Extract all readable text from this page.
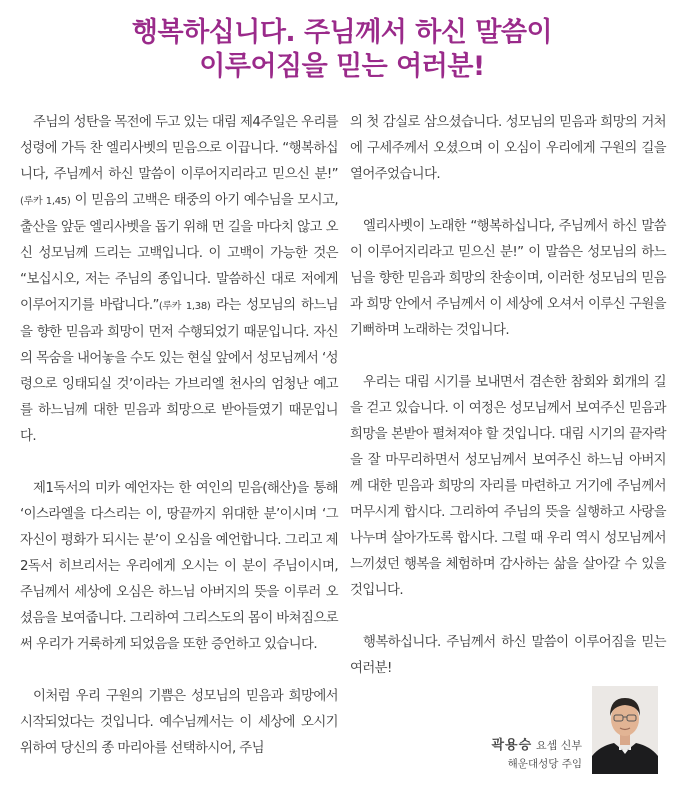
행복하십니다. 주님께서 하신 말씀이
이루어짐을 믿는 여러분!

주님의 성탄을 목전에 두고 있는 대림 제4주일은 우리를 성령에 가득 찬 엘리사벳의 믿음으로 이끕니다. “행복하십니다, 주님께서 하신 말씀이 이루어지리라고 믿으신 분!” (루카 1,45) 이 믿음의 고백은 태중의 아기 예수님을 모시고, 출산을 앞둔 엘리사벳을 돕기 위해 먼 길을 마다치 않고 오신 성모님께 드리는 고백입니다. 이 고백이 가능한 것은 “보십시오, 저는 주님의 종입니다. 말씀하신 대로 저에게 이루어지기를 바랍니다.”(루카 1,38) 라는 성모님의 하느님을 향한 믿음과 희망이 먼저 수행되었기 때문입니다. 자신의 목숨을 내어놓을 수도 있는 현실 앞에서 성모님께서 ‘성령으로 잉태되실 것’이라는 가브리엘 천사의 엄청난 예고를 하느님께 대한 믿음과 희망으로 받아들였기 때문입니다.

제1독서의 미카 예언자는 한 여인의 믿음(해산)을 통해 ‘이스라엘을 다스리는 이, 땅끝까지 위대한 분’이시며 ‘그 자신이 평화가 되시는 분’이 오심을 예언합니다. 그리고 제2독서 히브리서는 우리에게 오시는 이 분이 주님이시며, 주님께서 세상에 오심은 하느님 아버지의 뜻을 이루러 오셨음을 보여줍니다. 그리하여 그리스도의 몸이 바쳐짐으로써 우리가 거룩하게 되었음을 또한 증언하고 있습니다.

이처럼 우리 구원의 기쁨은 성모님의 믿음과 희망에서 시작되었다는 것입니다. 예수님께서는 이 세상에 오시기 위하여 당신의 종 마리아를 선택하시어, 주님

의 첫 감실로 삼으셨습니다. 성모님의 믿음과 희망의 거처에 구세주께서 오셨으며 이 오심이 우리에게 구원의 길을 열어주었습니다.

엘리사벳이 노래한 “행복하십니다, 주님께서 하신 말씀이 이루어지리라고 믿으신 분!” 이 말씀은 성모님의 하느님을 향한 믿음과 희망의 찬송이며, 이러한 성모님의 믿음과 희망 안에서 주님께서 이 세상에 오셔서 이루신 구원을 기뻐하며 노래하는 것입니다.

우리는 대림 시기를 보내면서 겸손한 참회와 회개의 길을 걷고 있습니다. 이 여정은 성모님께서 보여주신 믿음과 희망을 본받아 펼쳐져야 할 것입니다. 대림 시기의 끝자락을 잘 마무리하면서 성모님께서 보여주신 하느님 아버지께 대한 믿음과 희망의 자리를 마련하고 거기에 주님께서 머무시게 합시다. 그리하여 주님의 뜻을 실행하고 사랑을 나누며 살아가도록 합시다. 그럴 때 우리 역시 성모님께서 느끼셨던 행복을 체험하며 감사하는 삶을 살아갈 수 있을 것입니다.

행복하십니다. 주님께서 하신 말씀이 이루어짐을 믿는 여러분!

곽용승 요셉 신부
해운대성당 주임
